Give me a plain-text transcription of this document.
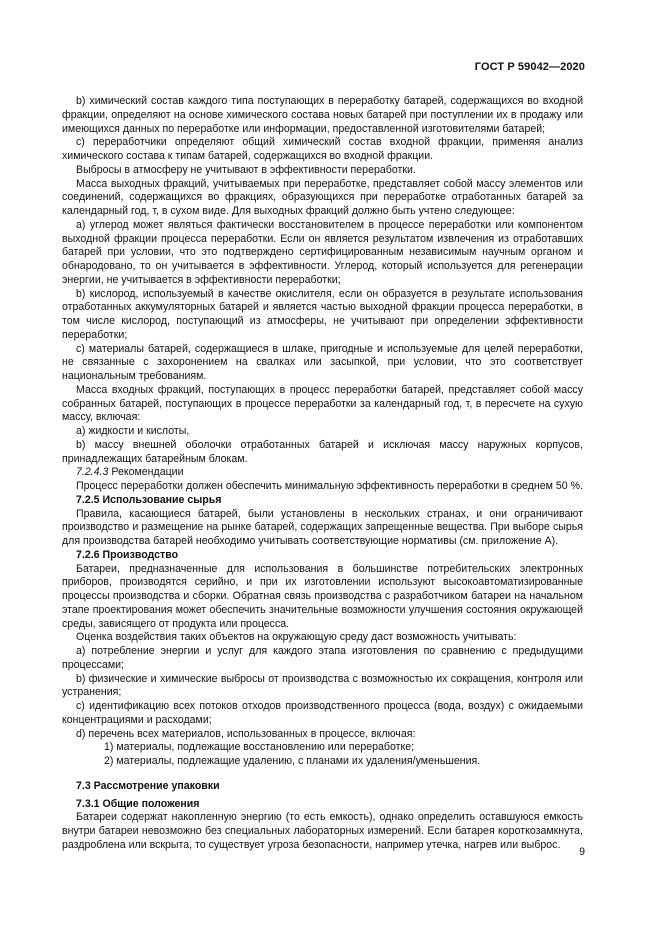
ГОСТ Р 59042—2020

b) химический состав каждого типа поступающих в переработку батарей, содержащихся во входной фракции, определяют на основе химического состава новых батарей при поступлении их в продажу или имеющихся данных по переработке или информации, предоставленной изготовителями батарей;

c) переработчики определяют общий химический состав входной фракции, применяя анализ химического состава к типам батарей, содержащихся во входной фракции.

Выбросы в атмосферу не учитывают в эффективности переработки.

Масса выходных фракций, учитываемых при переработке, представляет собой массу элементов или соединений, содержащихся во фракциях, образующихся при переработке отработанных батарей за календарный год, т, в сухом виде. Для выходных фракций должно быть учтено следующее:

а) углерод может являться фактически восстановителем в процессе переработки или компонентом выходной фракции процесса переработки. Если он является результатом извлечения из отработавших батарей при условии, что это подтверждено сертифицированным независимым научным органом и обнародовано, то он учитывается в эффективности. Углерод, который используется для регенерации энергии, не учитывается в эффективности переработки;

b) кислород, используемый в качестве окислителя, если он образуется в результате использования отработанных аккумуляторных батарей и является частью выходной фракции процесса переработки, в том числе кислород, поступающий из атмосферы, не учитывают при определении эффективности переработки;

c) материалы батарей, содержащиеся в шлаке, пригодные и используемые для целей переработки, не связанные с захоронением на свалках или засыпкой, при условии, что это соответствует национальным требованиям.

Масса входных фракций, поступающих в процесс переработки батарей, представляет собой массу собранных батарей, поступающих в процессе переработки за календарный год, т, в пересчете на сухую массу, включая:

a) жидкости и кислоты,

b) массу внешней оболочки отработанных батарей и исключая массу наружных корпусов, принадлежащих батарейным блокам.

7.2.4.3 Рекомендации

Процесс переработки должен обеспечить минимальную эффективность переработки в среднем 50 %.

7.2.5 Использование сырья

Правила, касающиеся батарей, были установлены в нескольких странах, и они ограничивают производство и размещение на рынке батарей, содержащих запрещенные вещества. При выборе сырья для производства батарей необходимо учитывать соответствующие нормативы (см. приложение А).

7.2.6 Производство

Батареи, предназначенные для использования в большинстве потребительских электронных приборов, производятся серийно, и при их изготовлении используют высокоавтоматизированные процессы производства и сборки. Обратная связь производства с разработчиком батареи на начальном этапе проектирования может обеспечить значительные возможности улучшения состояния окружающей среды, зависящего от продукта или процесса.

Оценка воздействия таких объектов на окружающую среду даст возможность учитывать:

а) потребление энергии и услуг для каждого этапа изготовления по сравнению с предыдущими процессами;

b) физические и химические выбросы от производства с возможностью их сокращения, контроля или устранения;

c) идентификацию всех потоков отходов производственного процесса (вода, воздух) с ожидаемыми концентрациями и расходами;

d) перечень всех материалов, использованных в процессе, включая:

1) материалы, подлежащие восстановлению или переработке;

2) материалы, подлежащие удалению, с планами их удаления/уменьшения.

7.3 Рассмотрение упаковки

7.3.1 Общие положения

Батареи содержат накопленную энергию (то есть емкость), однако определить оставшуюся емкость внутри батареи невозможно без специальных лабораторных измерений. Если батарея короткозамкнута, раздроблена или вскрыта, то существует угроза безопасности, например утечка, нагрев или выброс.

9
